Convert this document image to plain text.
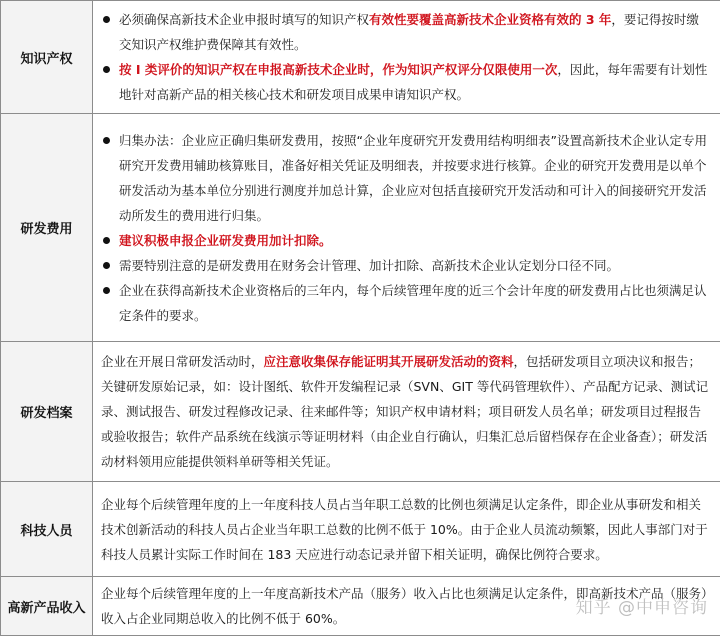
知识产权	必须确保高新技术企业申报时填写的知识产权有效性要覆盖高新技术企业资格有效的 3 年，要记得按时缴交知识产权维护费保障其有效性。
按 I 类评价的知识产权在申报高新技术企业时，作为知识产权评分仅限使用一次，因此，每年需要有计划性地针对高新产品的相关核心技术和研发项目成果申请知识产权。

研发费用	归集办法：企业应正确归集研发费用，按照“企业年度研究开发费用结构明细表”设置高新技术企业认定专用研究开发费用辅助核算账目，准备好相关凭证及明细表，并按要求进行核算。企业的研究开发费用是以单个研发活动为基本单位分别进行测度并加总计算，企业应对包括直接研究开发活动和可计入的间接研究开发活动所发生的费用进行归集。
建议积极申报企业研发费用加计扣除。
需要特别注意的是研发费用在财务会计管理、加计扣除、高新技术企业认定划分口径不同。
企业在获得高新技术企业资格后的三年内，每个后续管理年度的近三个会计年度的研发费用占比也须满足认定条件的要求。

研发档案	企业在开展日常研发活动时，应注意收集保存能证明其开展研发活动的资料，包括研发项目立项决议和报告；关键研发原始记录，如：设计图纸、软件开发编程记录（SVN、GIT 等代码管理软件）、产品配方记录、测试记录、测试报告、研发过程修改记录、往来邮件等；知识产权申请材料；项目研发人员名单；研发项目过程报告或验收报告；软件产品系统在线演示等证明材料（由企业自行确认，归集汇总后留档保存在企业备查）；研发活动材料领用应能提供领料单研等相关凭证。
科技人员	企业每个后续管理年度的上一年度科技人员占当年职工总数的比例也须满足认定条件，即企业从事研发和相关技术创新活动的科技人员占企业当年职工总数的比例不低于 10%。由于企业人员流动频繁，因此人事部门对于科技人员累计实际工作时间在 183 天应进行动态记录并留下相关证明，确保比例符合要求。
高新产品收入	企业每个后续管理年度的上一年度高新技术产品（服务）收入占比也须满足认定条件，即高新技术产品（服务）收入占企业同期总收入的比例不低于 60%。
知乎 @中申咨询
